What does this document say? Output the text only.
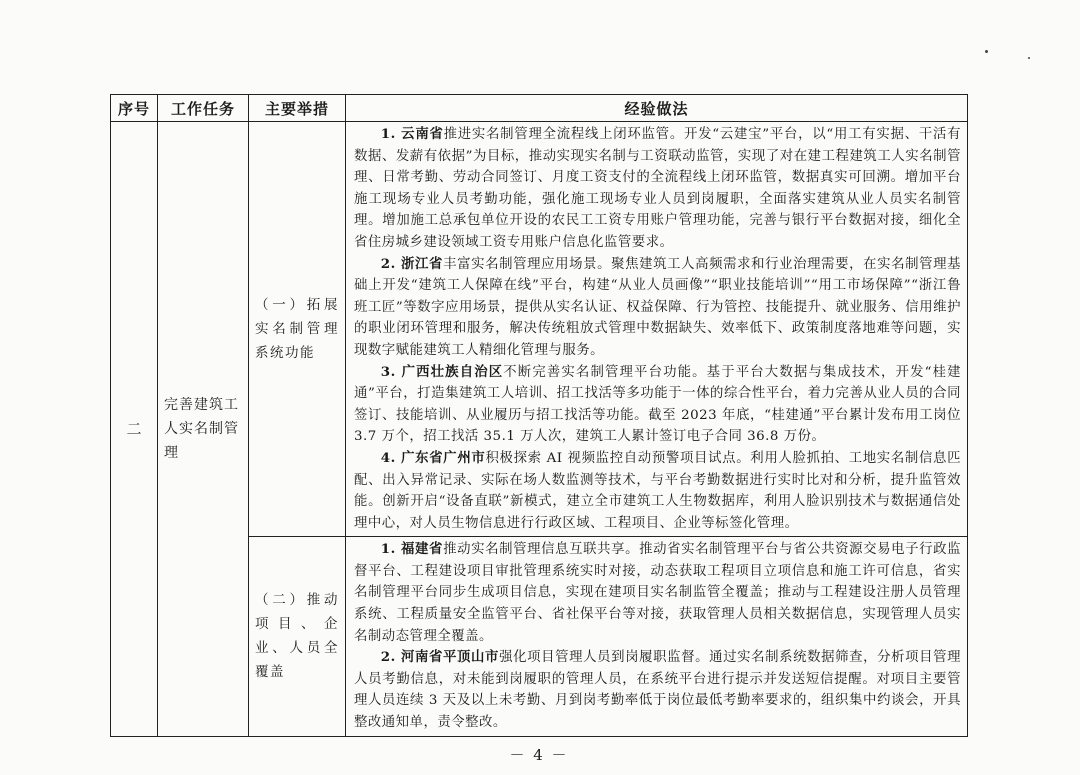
序号	工作任务	主要举措	经验做法
二	完善建筑工人实名制管理	（一）拓展实名制管理系统功能	1. 云南省推进实名制管理全流程线上闭环监管。开发“云建宝”平台，以“用工有实据、干活有数据、发薪有依据”为目标，推动实现实名制与工资联动监管，实现了对在建工程建筑工人实名制管理、日常考勤、劳动合同签订、月度工资支付的全流程线上闭环监管，数据真实可回溯。增加平台施工现场专业人员考勤功能，强化施工现场专业人员到岗履职，全面落实建筑从业人员实名制管理。增加施工总承包单位开设的农民工工资专用账户管理功能，完善与银行平台数据对接，细化全省住房城乡建设领域工资专用账户信息化监管要求。

2. 浙江省丰富实名制管理应用场景。聚焦建筑工人高频需求和行业治理需要，在实名制管理基础上开发“建筑工人保障在线”平台，构建“从业人员画像”“职业技能培训”“用工市场保障”“浙江鲁班工匠”等数字应用场景，提供从实名认证、权益保障、行为管控、技能提升、就业服务、信用维护的职业闭环管理和服务，解决传统粗放式管理中数据缺失、效率低下、政策制度落地难等问题，实现数字赋能建筑工人精细化管理与服务。

3. 广西壮族自治区不断完善实名制管理平台功能。基于平台大数据与集成技术，开发“桂建通”平台，打造集建筑工人培训、招工找活等多功能于一体的综合性平台，着力完善从业人员的合同签订、技能培训、从业履历与招工找活等功能。截至 2023 年底，“桂建通”平台累计发布用工岗位 3.7 万个，招工找活 35.1 万人次，建筑工人累计签订电子合同 36.8 万份。

4. 广东省广州市积极探索 AI 视频监控自动预警项目试点。利用人脸抓拍、工地实名制信息匹配、出入异常记录、实际在场人数监测等技术，与平台考勤数据进行实时比对和分析，提升监管效能。创新开启“设备直联”新模式，建立全市建筑工人生物数据库，利用人脸识别技术与数据通信处理中心，对人员生物信息进行行政区域、工程项目、企业等标签化管理。

		（二）推动项目、企业、人员全覆盖	1. 福建省推动实名制管理信息互联共享。推动省实名制管理平台与省公共资源交易电子行政监督平台、工程建设项目审批管理系统实时对接，动态获取工程项目立项信息和施工许可信息，省实名制管理平台同步生成项目信息，实现在建项目实名制监管全覆盖；推动与工程建设注册人员管理系统、工程质量安全监管平台、省社保平台等对接，获取管理人员相关数据信息，实现管理人员实名制动态管理全覆盖。

2. 河南省平顶山市强化项目管理人员到岗履职监督。通过实名制系统数据筛查，分析项目管理人员考勤信息，对未能到岗履职的管理人员，在系统平台进行提示并发送短信提醒。对项目主要管理人员连续 3 天及以上未考勤、月到岗考勤率低于岗位最低考勤率要求的，组织集中约谈会，开具整改通知单，责令整改。

－ 4 －
